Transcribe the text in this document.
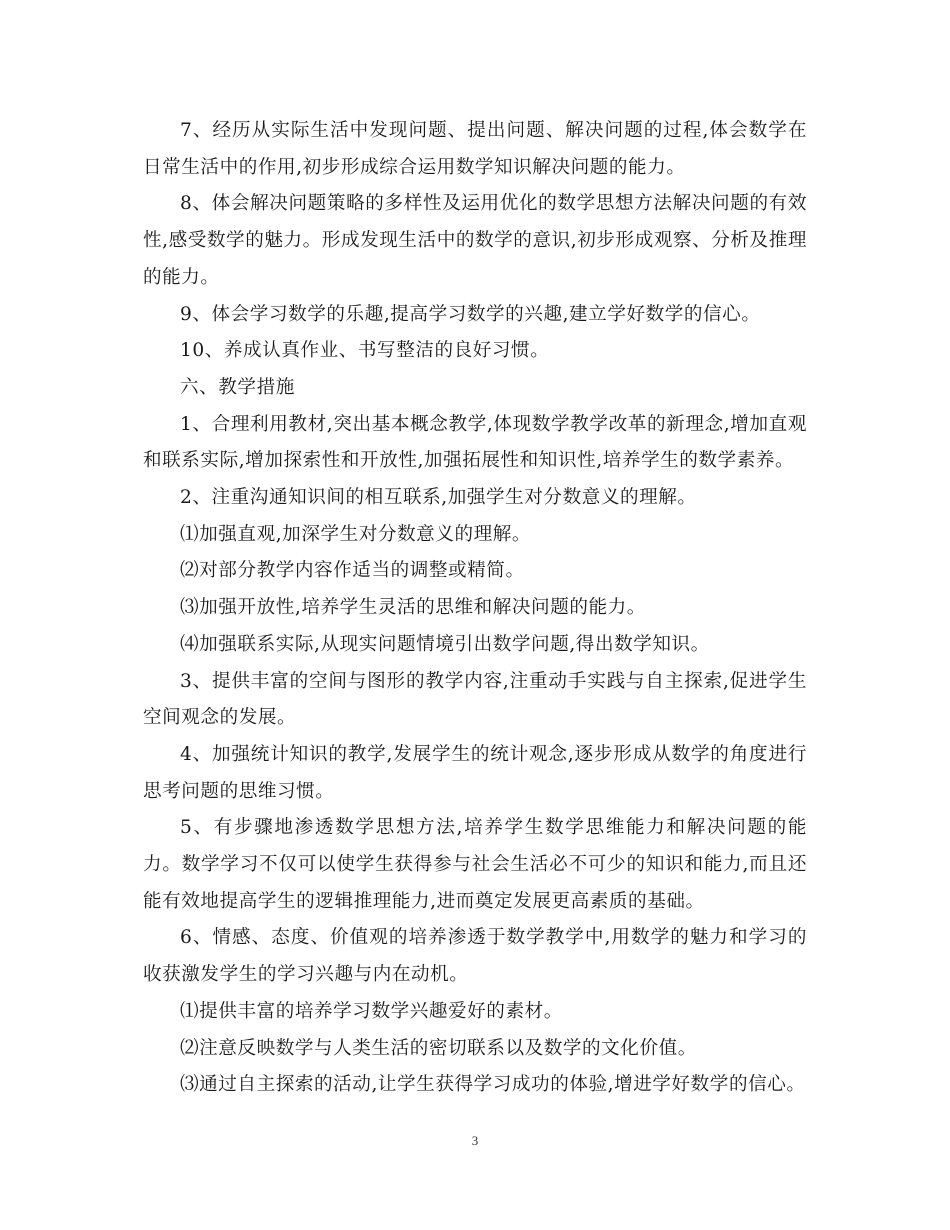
7、经历从实际生活中发现问题、提出问题、解决问题的过程,体会数学在日常生活中的作用,初步形成综合运用数学知识解决问题的能力。

8、体会解决问题策略的多样性及运用优化的数学思想方法解决问题的有效性,感受数学的魅力。形成发现生活中的数学的意识,初步形成观察、分析及推理的能力。

9、体会学习数学的乐趣,提高学习数学的兴趣,建立学好数学的信心。

10、养成认真作业、书写整洁的良好习惯。

六、教学措施

1、合理利用教材,突出基本概念教学,体现数学教学改革的新理念,增加直观和联系实际,增加探索性和开放性,加强拓展性和知识性,培养学生的数学素养。

2、注重沟通知识间的相互联系,加强学生对分数意义的理解。

⑴加强直观,加深学生对分数意义的理解。

⑵对部分教学内容作适当的调整或精简。

⑶加强开放性,培养学生灵活的思维和解决问题的能力。

⑷加强联系实际,从现实问题情境引出数学问题,得出数学知识。

3、提供丰富的空间与图形的教学内容,注重动手实践与自主探索,促进学生空间观念的发展。

4、加强统计知识的教学,发展学生的统计观念,逐步形成从数学的角度进行思考问题的思维习惯。

5、有步骤地渗透数学思想方法,培养学生数学思维能力和解决问题的能力。数学学习不仅可以使学生获得参与社会生活必不可少的知识和能力,而且还能有效地提高学生的逻辑推理能力,进而奠定发展更高素质的基础。

6、情感、态度、价值观的培养渗透于数学教学中,用数学的魅力和学习的收获激发学生的学习兴趣与内在动机。

⑴提供丰富的培养学习数学兴趣爱好的素材。

⑵注意反映数学与人类生活的密切联系以及数学的文化价值。

⑶通过自主探索的活动,让学生获得学习成功的体验,增进学好数学的信心。

3
